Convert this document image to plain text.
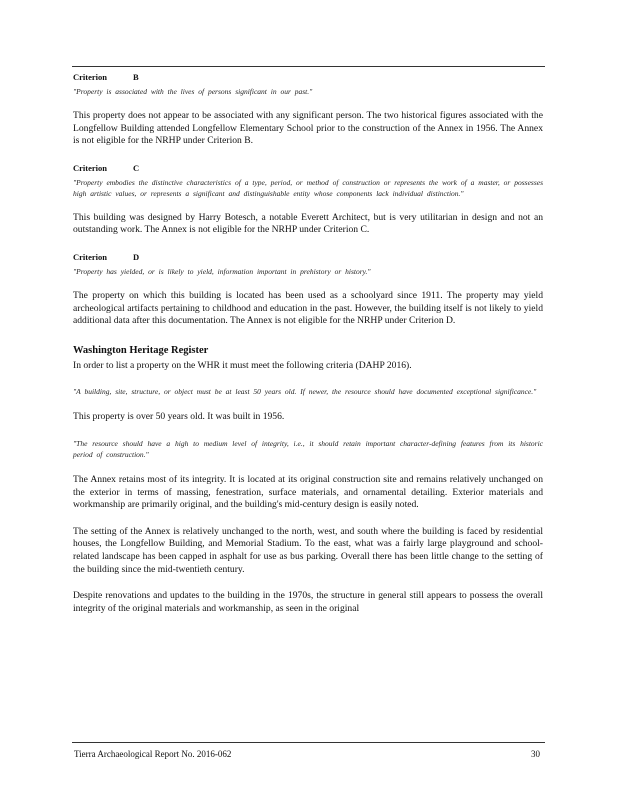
Criterion	B

"Property is associated with the lives of persons significant in our past."

This property does not appear to be associated with any significant person. The two historical figures associated with the Longfellow Building attended Longfellow Elementary School prior to the construction of the Annex in 1956. The Annex is not eligible for the NRHP under Criterion B.

Criterion	C

"Property embodies the distinctive characteristics of a type, period, or method of construction or represents the work of a master, or possesses high artistic values, or represents a significant and distinguishable entity whose components lack individual distinction."

This building was designed by Harry Botesch, a notable Everett Architect, but is very utilitarian in design and not an outstanding work. The Annex is not eligible for the NRHP under Criterion C.

Criterion	D

"Property has yielded, or is likely to yield, information important in prehistory or history."

The property on which this building is located has been used as a schoolyard since 1911. The property may yield archeological artifacts pertaining to childhood and education in the past. However, the building itself is not likely to yield additional data after this documentation. The Annex is not eligible for the NRHP under Criterion D.

Washington Heritage Register

In order to list a property on the WHR it must meet the following criteria (DAHP 2016).

"A building, site, structure, or object must be at least 50 years old. If newer, the resource should have documented exceptional significance."

This property is over 50 years old. It was built in 1956.

"The resource should have a high to medium level of integrity, i.e., it should retain important character-defining features from its historic period of construction."

The Annex retains most of its integrity. It is located at its original construction site and remains relatively unchanged on the exterior in terms of massing, fenestration, surface materials, and ornamental detailing. Exterior materials and workmanship are primarily original, and the building's mid-century design is easily noted.

The setting of the Annex is relatively unchanged to the north, west, and south where the building is faced by residential houses, the Longfellow Building, and Memorial Stadium. To the east, what was a fairly large playground and school-related landscape has been capped in asphalt for use as bus parking. Overall there has been little change to the setting of the building since the mid-twentieth century.

Despite renovations and updates to the building in the 1970s, the structure in general still appears to possess the overall integrity of the original materials and workmanship, as seen in the original

Tierra Archaeological Report No. 2016-062	30
